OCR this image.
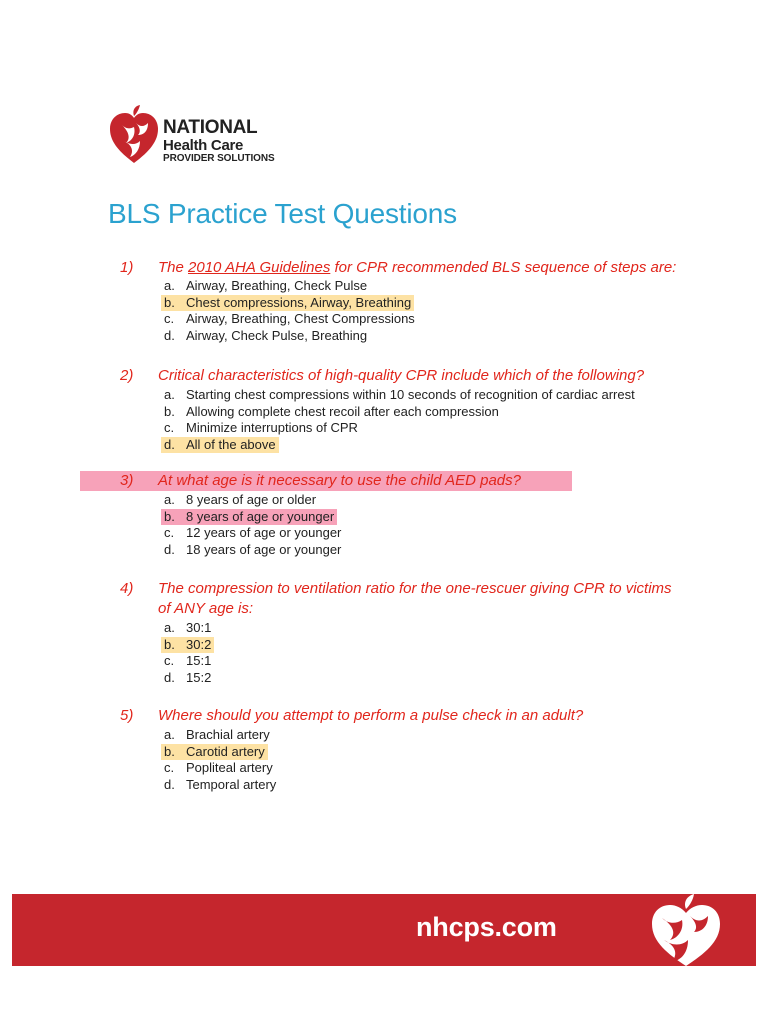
NATIONAL
Health Care
PROVIDER SOLUTIONS
BLS Practice Test Questions
1) The 2010 AHA Guidelines for CPR recommended BLS sequence of steps are:
a. Airway, Breathing, Check Pulse
b. Chest compressions, Airway, Breathing
c. Airway, Breathing, Chest Compressions
d. Airway, Check Pulse, Breathing
2) Critical characteristics of high-quality CPR include which of the following?
a. Starting chest compressions within 10 seconds of recognition of cardiac arrest
b. Allowing complete chest recoil after each compression
c. Minimize interruptions of CPR
d. All of the above
3) At what age is it necessary to use the child AED pads?
a. 8 years of age or older
b. 8 years of age or younger
c. 12 years of age or younger
d. 18 years of age or younger
4) The compression to ventilation ratio for the one-rescuer giving CPR to victims of ANY age is:
a. 30:1
b. 30:2
c. 15:1
d. 15:2
5) Where should you attempt to perform a pulse check in an adult?
a. Brachial artery
b. Carotid artery
c. Popliteal artery
d. Temporal artery
nhcps.com
